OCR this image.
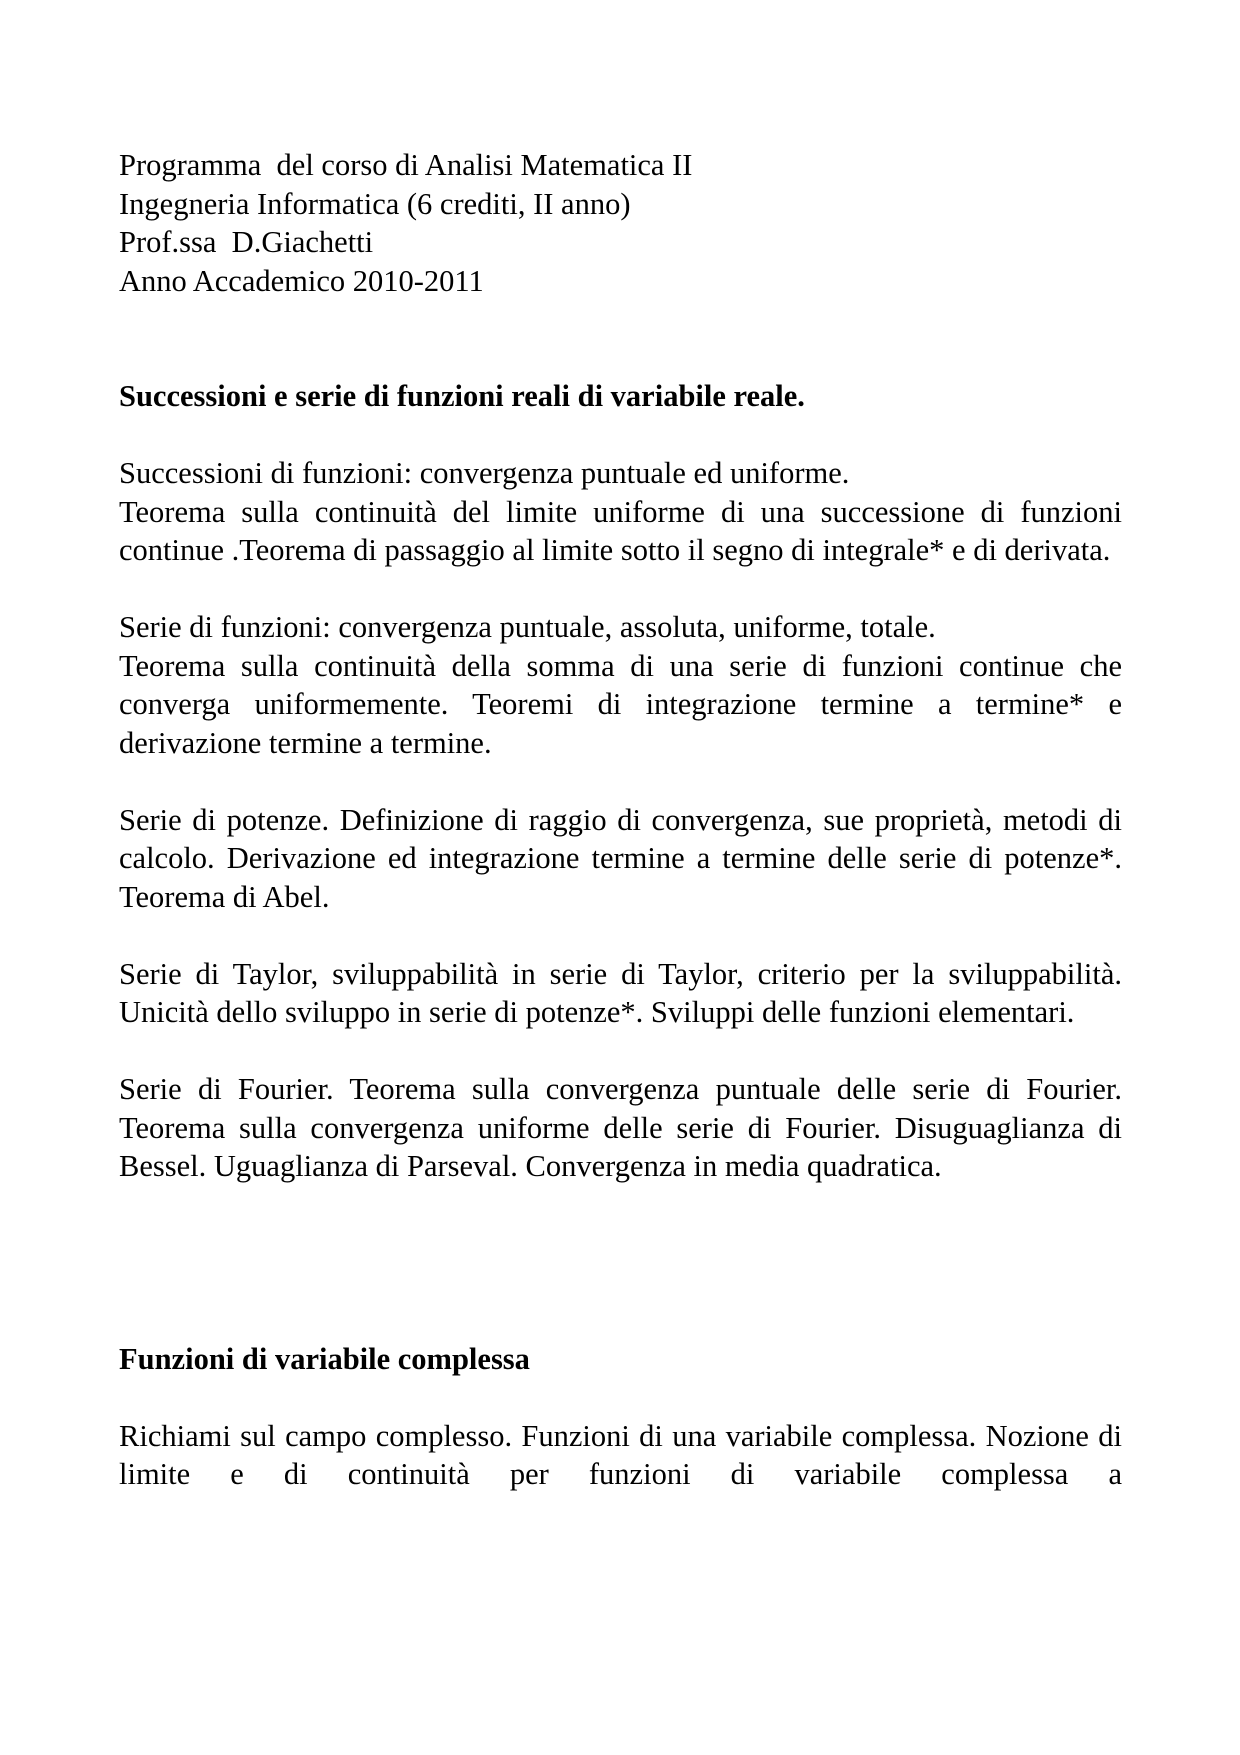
Programma  del corso di Analisi Matematica II
Ingegneria Informatica (6 crediti, II anno)
Prof.ssa  D.Giachetti
Anno Accademico 2010-2011
Successioni e serie di funzioni reali di variabile reale.
Successioni di funzioni: convergenza puntuale ed uniforme.
Teorema sulla continuità del limite uniforme di una successione di funzioni continue .Teorema di passaggio al limite sotto il segno di integrale* e di derivata.
Serie di funzioni: convergenza puntuale, assoluta, uniforme, totale.
Teorema sulla continuità della somma di una serie di funzioni continue che converga uniformemente. Teoremi di integrazione termine a termine* e derivazione termine a termine.
Serie di potenze. Definizione di raggio di convergenza, sue proprietà, metodi di calcolo. Derivazione ed integrazione termine a termine delle serie di potenze*. Teorema di Abel.
Serie di Taylor, sviluppabilità in serie di Taylor, criterio per la sviluppabilità. Unicità dello sviluppo in serie di potenze*. Sviluppi delle funzioni elementari.
Serie di Fourier. Teorema sulla convergenza puntuale delle serie di Fourier. Teorema sulla convergenza uniforme delle serie di Fourier. Disuguaglianza di Bessel. Uguaglianza di Parseval. Convergenza in media quadratica.
Funzioni di variabile complessa
Richiami sul campo complesso. Funzioni di una variabile complessa. Nozione di limite e di continuità per funzioni di variabile complessa a
